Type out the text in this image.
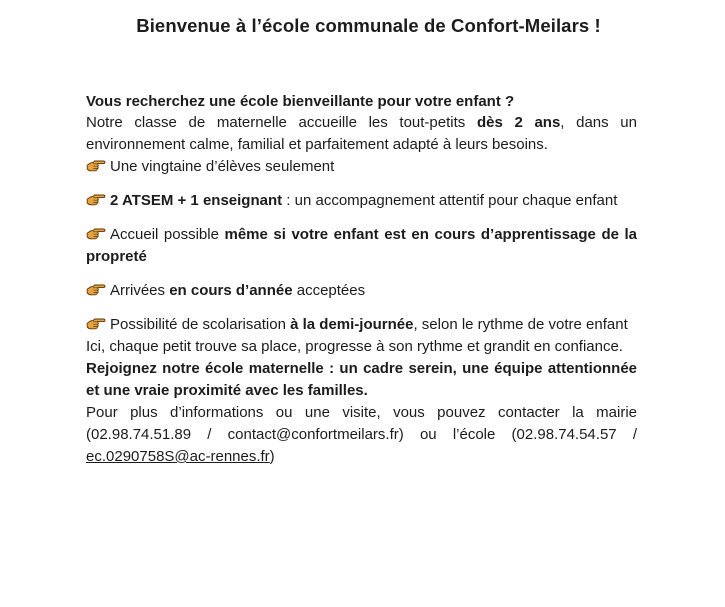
Bienvenue à l’école communale de Confort-Meilars !

Vous recherchez une école bienveillante pour votre enfant ?

Notre classe de maternelle accueille les tout-petits dès 2 ans, dans un environnement calme, familial et parfaitement adapté à leurs besoins.

Une vingtaine d’élèves seulement

2 ATSEM + 1 enseignant : un accompagnement attentif pour chaque enfant

Accueil possible même si votre enfant est en cours d’apprentissage de la propreté

Arrivées en cours d’année acceptées

Possibilité de scolarisation à la demi-journée, selon le rythme de votre enfant

Ici, chaque petit trouve sa place, progresse à son rythme et grandit en confiance.

Rejoignez notre école maternelle : un cadre serein, une équipe attentionnée et une vraie proximité avec les familles.

Pour plus d’informations ou une visite, vous pouvez contacter la mairie (02.98.74.51.89 / contact@confortmeilars.fr) ou l’école (02.98.74.54.57 / ec.0290758S@ac-rennes.fr)
